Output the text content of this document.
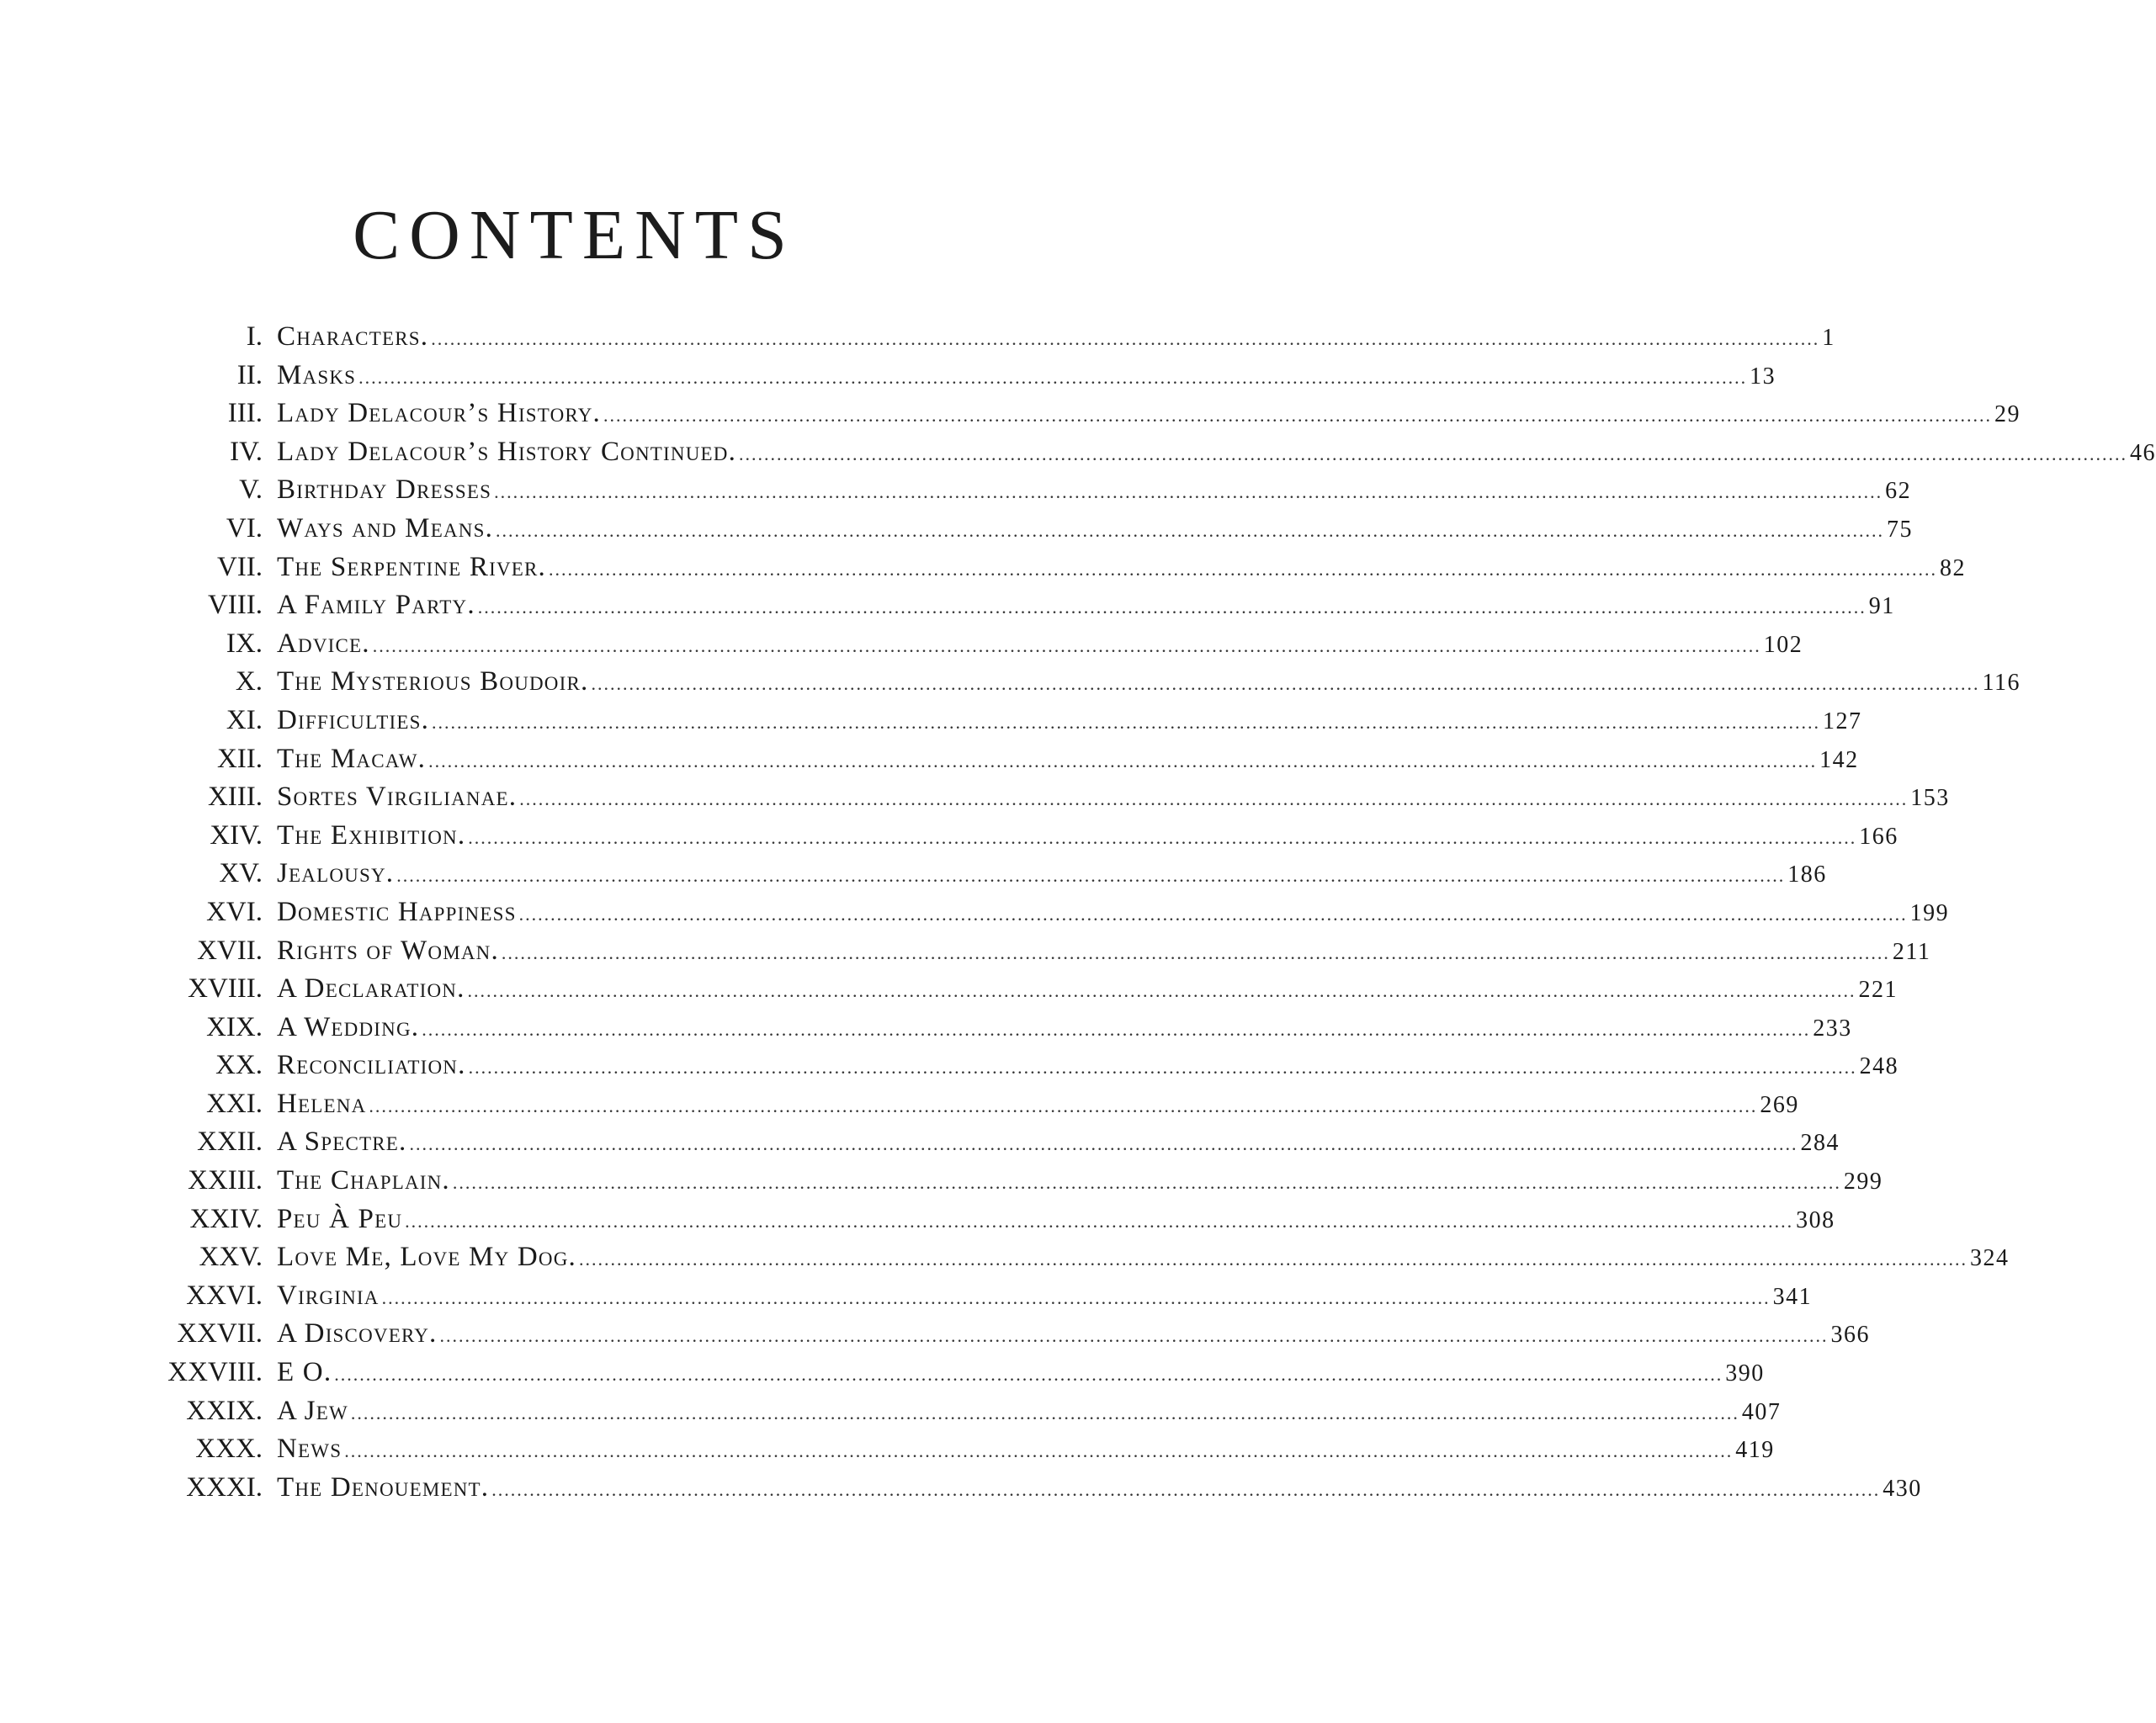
CONTENTS
I. Characters. ............................................................................................................................................................................................................................ 1
II. Masks ............................................................................................................................................................................................................................ 13
III. Lady Delacour’s History. ............................................................................................................................................................................................................................ 29
IV. Lady Delacour’s History Continued. ............................................................................................................................................................................................................................ 46
V. Birthday Dresses ............................................................................................................................................................................................................................ 62
VI. Ways and Means. ............................................................................................................................................................................................................................ 75
VII. The Serpentine River. ............................................................................................................................................................................................................................ 82
VIII. A Family Party. ............................................................................................................................................................................................................................ 91
IX. Advice. ............................................................................................................................................................................................................................ 102
X. The Mysterious Boudoir. ............................................................................................................................................................................................................................ 116
XI. Difficulties. ............................................................................................................................................................................................................................ 127
XII. The Macaw. ............................................................................................................................................................................................................................ 142
XIII. Sortes Virgilianae. ............................................................................................................................................................................................................................ 153
XIV. The Exhibition. ............................................................................................................................................................................................................................ 166
XV. Jealousy. ............................................................................................................................................................................................................................ 186
XVI. Domestic Happiness ............................................................................................................................................................................................................................ 199
XVII. Rights of Woman. ............................................................................................................................................................................................................................ 211
XVIII. A Declaration. ............................................................................................................................................................................................................................ 221
XIX. A Wedding. ............................................................................................................................................................................................................................ 233
XX. Reconciliation. ............................................................................................................................................................................................................................ 248
XXI. Helena ............................................................................................................................................................................................................................ 269
XXII. A Spectre. ............................................................................................................................................................................................................................ 284
XXIII. The Chaplain. ............................................................................................................................................................................................................................ 299
XXIV. Peu À Peu ............................................................................................................................................................................................................................ 308
XXV. Love Me, Love My Dog. ............................................................................................................................................................................................................................ 324
XXVI. Virginia ............................................................................................................................................................................................................................ 341
XXVII. A Discovery. ............................................................................................................................................................................................................................ 366
XXVIII. E O. ............................................................................................................................................................................................................................ 390
XXIX. A Jew ............................................................................................................................................................................................................................ 407
XXX. News ............................................................................................................................................................................................................................ 419
XXXI. The Denouement. ............................................................................................................................................................................................................................ 430
